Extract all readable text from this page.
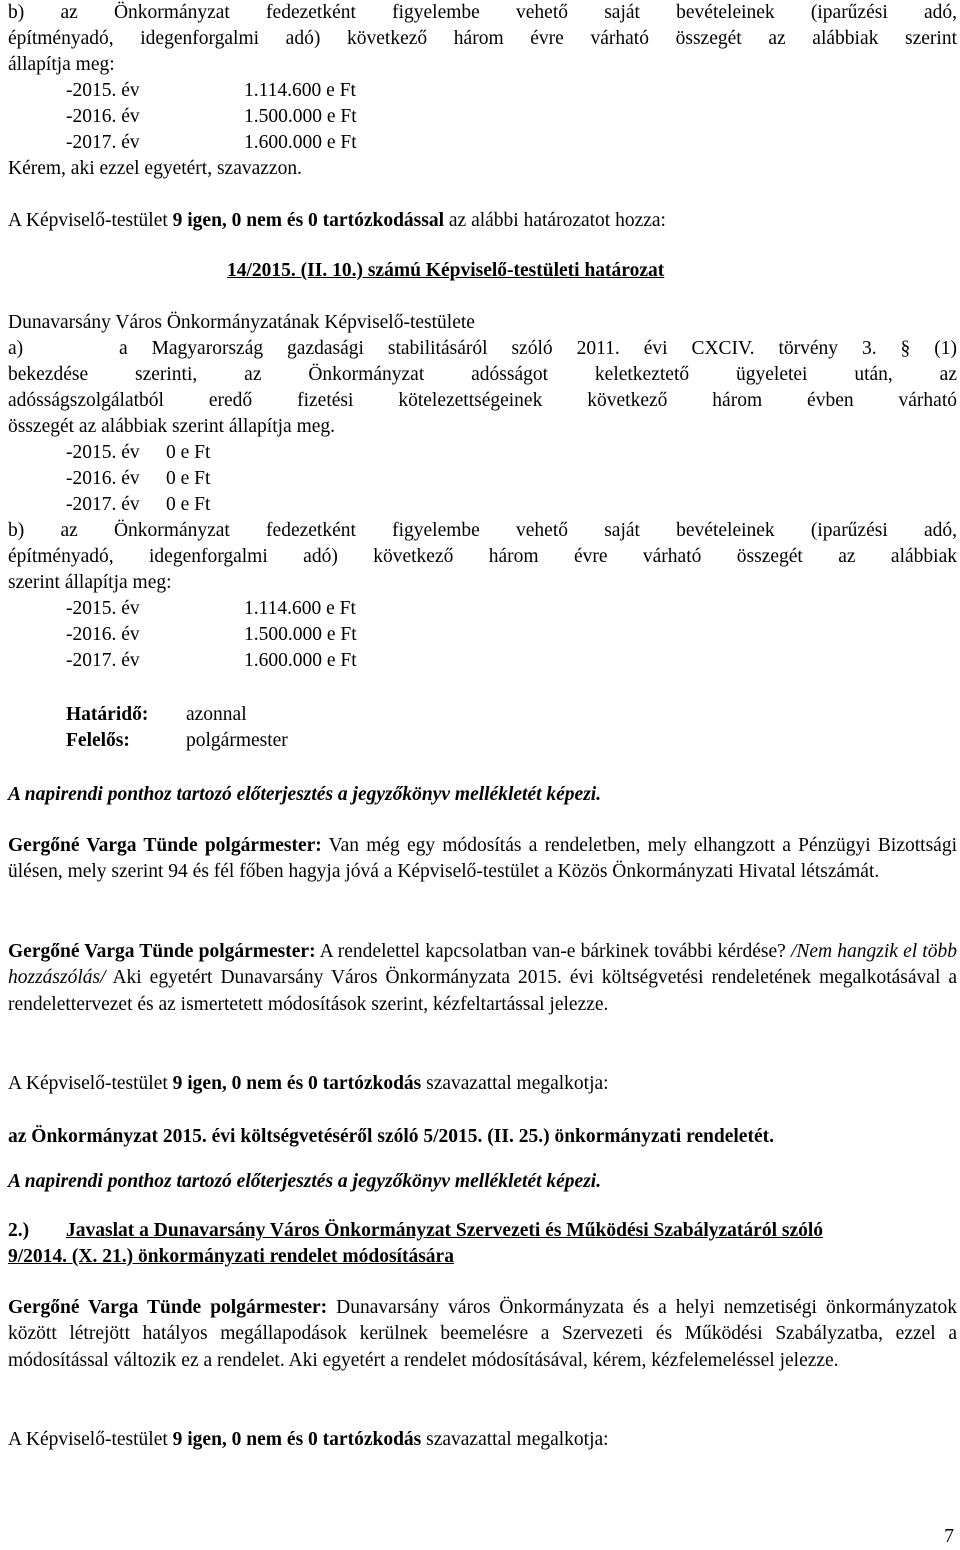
b) az Önkormányzat fedezetként figyelembe vehető saját bevételeinek (iparűzési adó,
építményadó, idegenforgalmi adó) következő három évre várható összegét az alábbiak szerint
állapítja meg:
-2015. év	1.114.600 e Ft
-2016. év	1.500.000 e Ft
-2017. év	1.600.000 e Ft
Kérem, aki ezzel egyetért, szavazzon.
A Képviselő-testület 9 igen, 0 nem és 0 tartózkodással az alábbi határozatot hozza:
14/2015. (II. 10.) számú Képviselő-testületi határozat
Dunavarsány Város Önkormányzatának Képviselő-testülete
a)    a Magyarország gazdasági stabilitásáról szóló 2011. évi CXCIV. törvény 3. § (1)
bekezdése szerinti, az Önkormányzat adósságot keletkeztető ügyeletei után, az
adósságszolgálatból eredő fizetési kötelezettségeinek következő három évben várható
összegét az alábbiak szerint állapítja meg.
-2015. év 0 e Ft
-2016. év 0 e Ft
-2017. év 0 e Ft
b) az Önkormányzat fedezetként figyelembe vehető saját bevételeinek (iparűzési adó,
építményadó, idegenforgalmi adó) következő három évre várható összegét az alábbiak
szerint állapítja meg:
-2015. év	1.114.600 e Ft
-2016. év	1.500.000 e Ft
-2017. év	1.600.000 e Ft
Határidő: azonnal
Felelős:	polgármester
A napirendi ponthoz tartozó előterjesztés a jegyzőkönyv mellékletét képezi.
Gergőné Varga Tünde polgármester: Van még egy módosítás a rendeletben, mely elhangzott a Pénzügyi Bizottsági ülésen, mely szerint 94 és fél főben hagyja jóvá a Képviselő-testület a Közös Önkormányzati Hivatal létszámát.
Gergőné Varga Tünde polgármester: A rendelettel kapcsolatban van-e bárkinek további kérdése? /Nem hangzik el több hozzászólás/ Aki egyetért Dunavarsány Város Önkormányzata 2015. évi költségvetési rendeletének megalkotásával a rendelettervezet és az ismertetett módosítások szerint, kézfeltartással jelezze.
A Képviselő-testület 9 igen, 0 nem és 0 tartózkodás szavazattal megalkotja:
az Önkormányzat 2015. évi költségvetéséről szóló 5/2015. (II. 25.) önkormányzati rendeletét.
A napirendi ponthoz tartozó előterjesztés a jegyzőkönyv mellékletét képezi.
2.) Javaslat a Dunavarsány Város Önkormányzat Szervezeti és Működési Szabályzatáról szóló
9/2014. (X. 21.) önkormányzati rendelet módosítására
Gergőné Varga Tünde polgármester: Dunavarsány város Önkormányzata és a helyi nemzetiségi önkormányzatok között létrejött hatályos megállapodások kerülnek beemelésre a Szervezeti és Működési Szabályzatba, ezzel a módosítással változik ez a rendelet. Aki egyetért a rendelet módosításával, kérem, kézfelemeléssel jelezze.
A Képviselő-testület 9 igen, 0 nem és 0 tartózkodás szavazattal megalkotja:
7
